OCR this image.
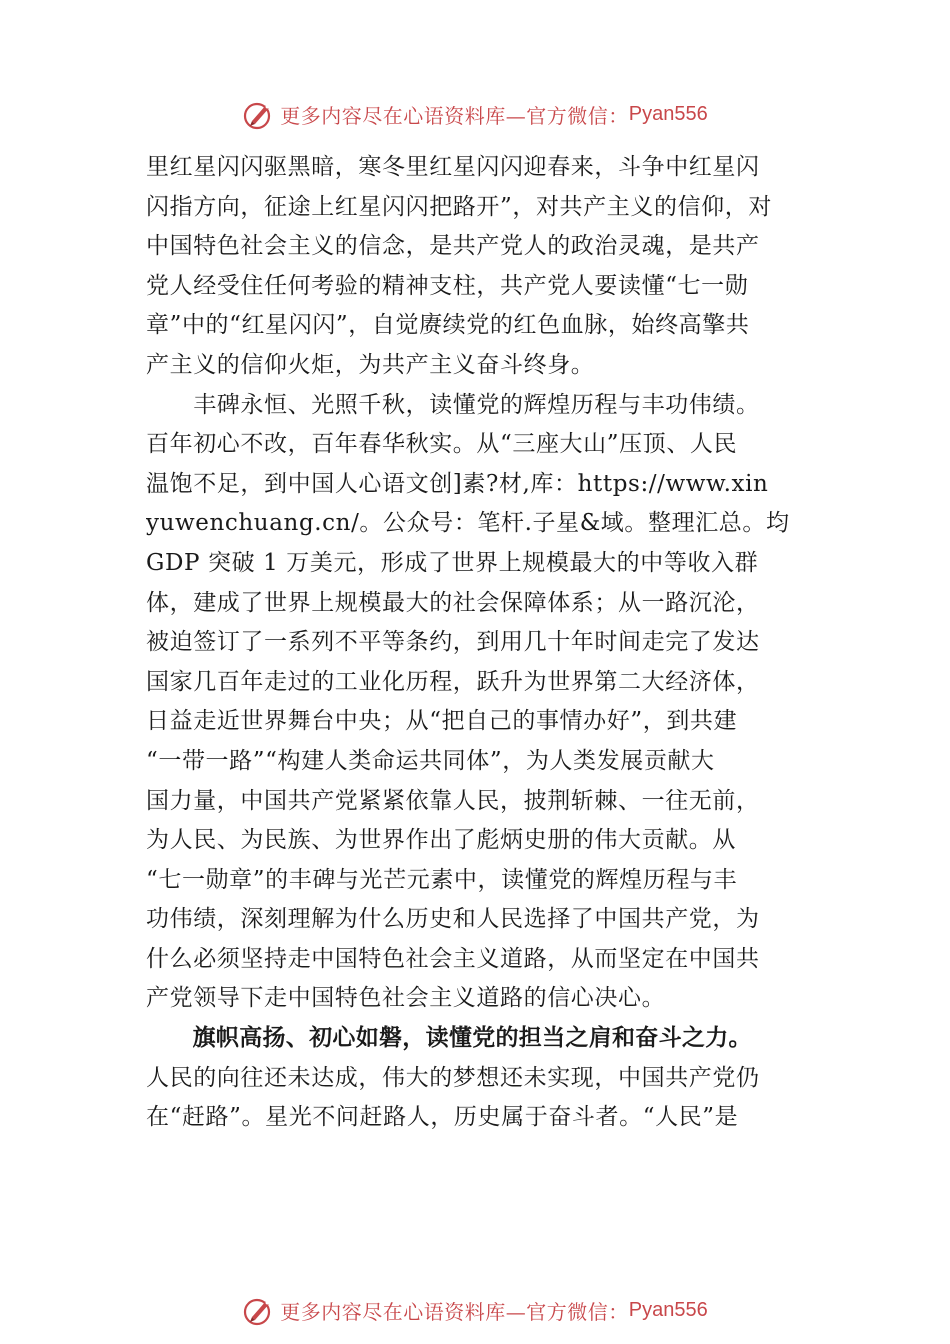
更多内容尽在心语资料库—官方微信： Pyan556
里红星闪闪驱黑暗，寒冬里红星闪闪迎春来，斗争中红星闪
闪指方向，征途上红星闪闪把路开”，对共产主义的信仰，对
中国特色社会主义的信念，是共产党人的政治灵魂，是共产
党人经受住任何考验的精神支柱，共产党人要读懂“七一勋
章”中的“红星闪闪”，自觉赓续党的红色血脉，始终高擎共
产主义的信仰火炬，为共产主义奋斗终身。
　　丰碑永恒、光照千秋，读懂党的辉煌历程与丰功伟绩。
百年初心不改，百年春华秋实。从“三座大山”压顶、人民
温饱不足，到中国人心语文创]素?材,库：https://www.xin
yuwenchuang.cn/。公众号：笔杆.子星&域。整理汇总。均
GDP 突破 1 万美元，形成了世界上规模最大的中等收入群
体，建成了世界上规模最大的社会保障体系；从一路沉沦，
被迫签订了一系列不平等条约，到用几十年时间走完了发达
国家几百年走过的工业化历程，跃升为世界第二大经济体，
日益走近世界舞台中央；从“把自己的事情办好”，到共建
“一带一路”“构建人类命运共同体”，为人类发展贡献大
国力量，中国共产党紧紧依靠人民，披荆斩棘、一往无前，
为人民、为民族、为世界作出了彪炳史册的伟大贡献。从
“七一勋章”的丰碑与光芒元素中，读懂党的辉煌历程与丰
功伟绩，深刻理解为什么历史和人民选择了中国共产党，为
什么必须坚持走中国特色社会主义道路，从而坚定在中国共
产党领导下走中国特色社会主义道路的信心决心。
　　旗帜高扬、初心如磐，读懂党的担当之肩和奋斗之力。
人民的向往还未达成，伟大的梦想还未实现，中国共产党仍
在“赶路”。星光不问赶路人，历史属于奋斗者。“人民”是
更多内容尽在心语资料库—官方微信： Pyan556
